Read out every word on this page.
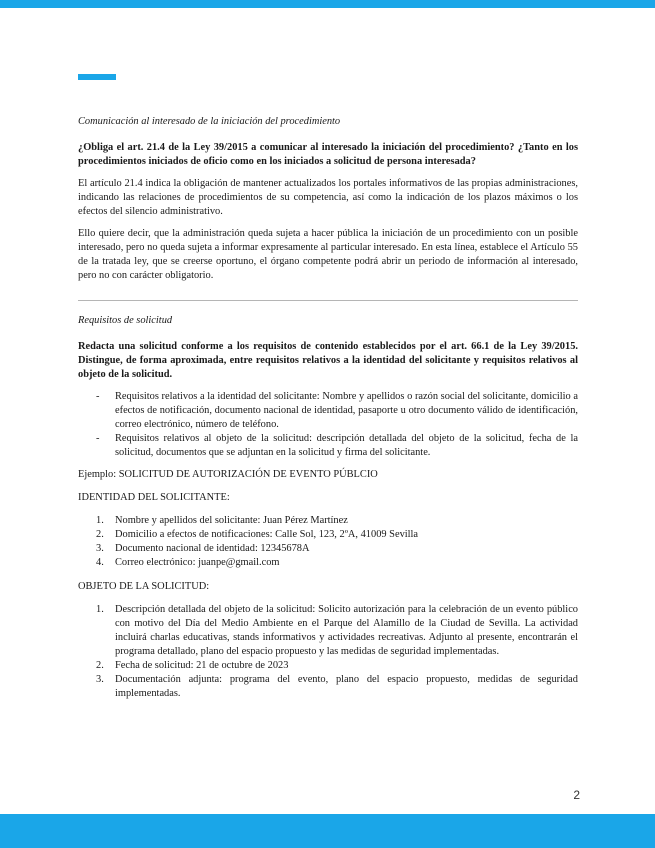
Comunicación al interesado de la iniciación del procedimiento

¿Obliga el art. 21.4 de la Ley 39/2015 a comunicar al interesado la iniciación del procedimiento? ¿Tanto en los procedimientos iniciados de oficio como en los iniciados a solicitud de persona interesada?

El artículo 21.4 indica la obligación de mantener actualizados los portales informativos de las propias administraciones, indicando las relaciones de procedimientos de su competencia, así como la indicación de los plazos máximos o los efectos del silencio administrativo.

Ello quiere decir, que la administración queda sujeta a hacer pública la iniciación de un procedimiento con un posible interesado, pero no queda sujeta a informar expresamente al particular interesado. En esta línea, establece el Artículo 55 de la tratada ley, que se creerse oportuno, el órgano competente podrá abrir un periodo de información al interesado, pero no con carácter obligatorio.

Requisitos de solicitud

Redacta una solicitud conforme a los requisitos de contenido establecidos por el art. 66.1 de la Ley 39/2015. Distingue, de forma aproximada, entre requisitos relativos a la identidad del solicitante y requisitos relativos al objeto de la solicitud.

- Requisitos relativos a la identidad del solicitante: Nombre y apellidos o razón social del solicitante, domicilio a efectos de notificación, documento nacional de identidad, pasaporte u otro documento válido de identificación, correo electrónico, número de teléfono.
- Requisitos relativos al objeto de la solicitud: descripción detallada del objeto de la solicitud, fecha de la solicitud, documentos que se adjuntan en la solicitud y firma del solicitante.

Ejemplo: SOLICITUD DE AUTORIZACIÓN DE EVENTO PÚBLCIO

IDENTIDAD DEL SOLICITANTE:

1. Nombre y apellidos del solicitante: Juan Pérez Martínez
2. Domicilio a efectos de notificaciones: Calle Sol, 123, 2ºA, 41009 Sevilla
3. Documento nacional de identidad: 12345678A
4. Correo electrónico: juanpe@gmail.com

OBJETO DE LA SOLICITUD:

1. Descripción detallada del objeto de la solicitud: Solicito autorización para la celebración de un evento público con motivo del Día del Medio Ambiente en el Parque del Alamillo de la Ciudad de Sevilla. La actividad incluirá charlas educativas, stands informativos y actividades recreativas. Adjunto al presente, encontrarán el programa detallado, plano del espacio propuesto y las medidas de seguridad implementadas.
2. Fecha de solicitud: 21 de octubre de 2023
3. Documentación adjunta: programa del evento, plano del espacio propuesto, medidas de seguridad implementadas.
2
